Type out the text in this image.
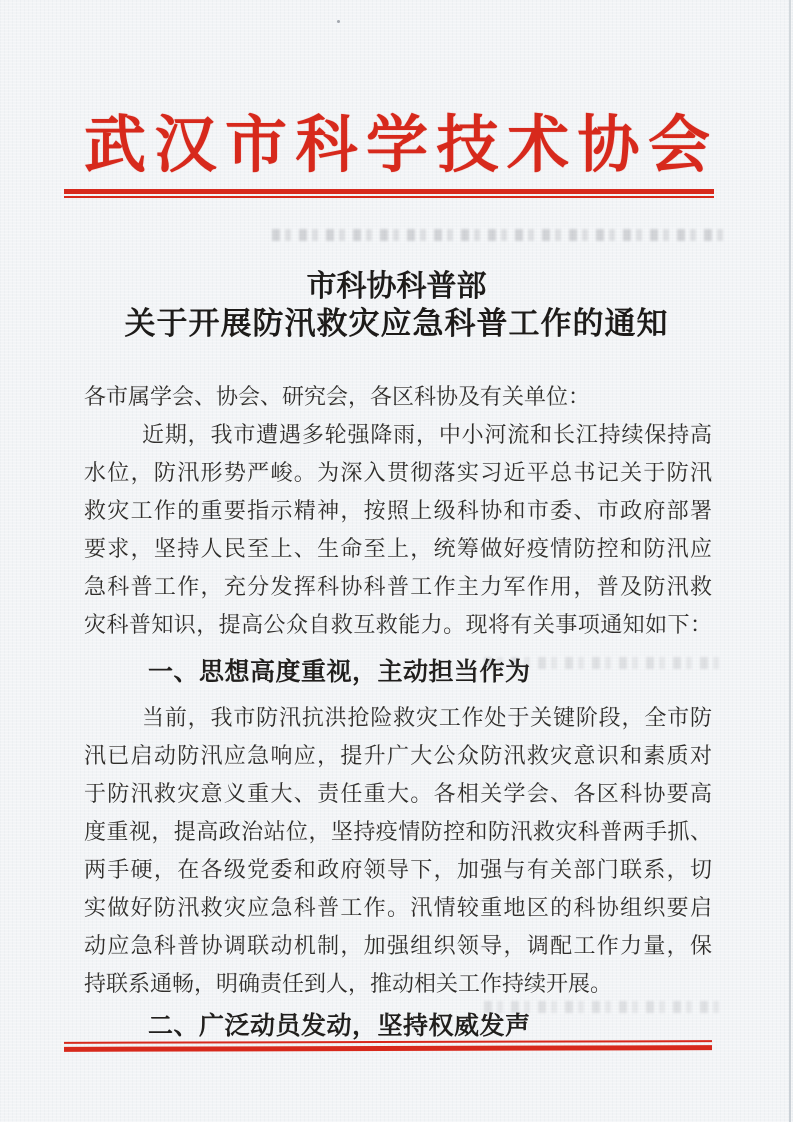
武汉市科学技术协会
市科协科普部
关于开展防汛救灾应急科普工作的通知
各市属学会、协会、研究会，各区科协及有关单位：
近期，我市遭遇多轮强降雨，中小河流和长江持续保持高
水位，防汛形势严峻。为深入贯彻落实习近平总书记关于防汛
救灾工作的重要指示精神，按照上级科协和市委、市政府部署
要求，坚持人民至上、生命至上，统筹做好疫情防控和防汛应
急科普工作，充分发挥科协科普工作主力军作用，普及防汛救
灾科普知识，提高公众自救互救能力。现将有关事项通知如下：
一、思想高度重视，主动担当作为
当前，我市防汛抗洪抢险救灾工作处于关键阶段，全市防
汛已启动防汛应急响应，提升广大公众防汛救灾意识和素质对
于防汛救灾意义重大、责任重大。各相关学会、各区科协要高
度重视，提高政治站位，坚持疫情防控和防汛救灾科普两手抓、
两手硬，在各级党委和政府领导下，加强与有关部门联系，切
实做好防汛救灾应急科普工作。汛情较重地区的科协组织要启
动应急科普协调联动机制，加强组织领导，调配工作力量，保
持联系通畅，明确责任到人，推动相关工作持续开展。
二、广泛动员发动，坚持权威发声
